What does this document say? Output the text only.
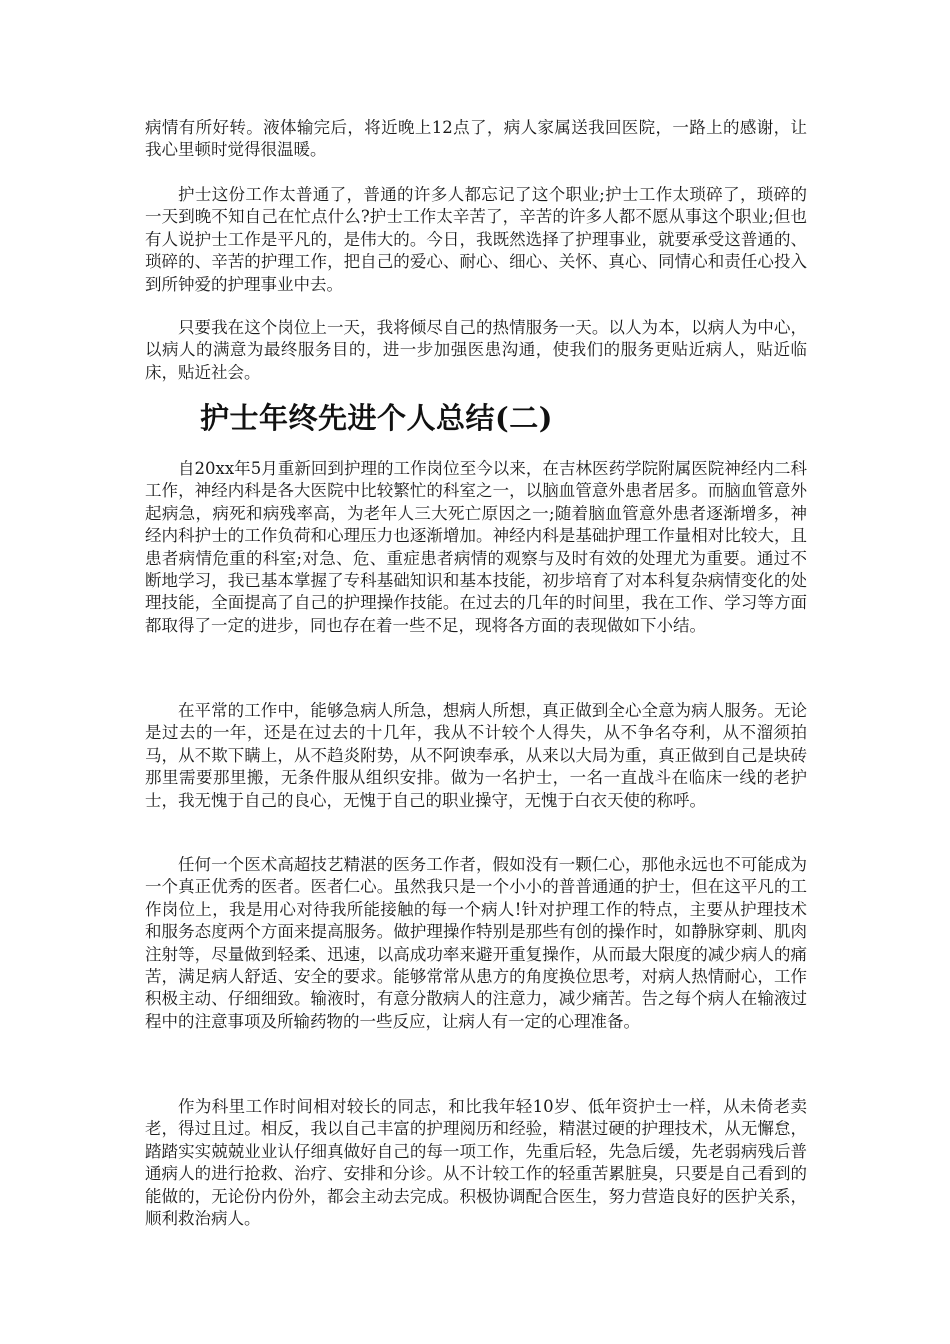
病情有所好转。液体输完后，将近晚上12点了，病人家属送我回医院，一路上的感谢，让我心里顿时觉得很温暖。

护士这份工作太普通了，普通的许多人都忘记了这个职业;护士工作太琐碎了，琐碎的一天到晚不知自己在忙点什么?护士工作太辛苦了，辛苦的许多人都不愿从事这个职业;但也有人说护士工作是平凡的，是伟大的。今日，我既然选择了护理事业，就要承受这普通的、琐碎的、辛苦的护理工作，把自己的爱心、耐心、细心、关怀、真心、同情心和责任心投入到所钟爱的护理事业中去。

只要我在这个岗位上一天，我将倾尽自己的热情服务一天。以人为本，以病人为中心，以病人的满意为最终服务目的，进一步加强医患沟通，使我们的服务更贴近病人，贴近临床，贴近社会。

护士年终先进个人总结(二)

自20xx年5月重新回到护理的工作岗位至今以来，在吉林医药学院附属医院神经内二科工作，神经内科是各大医院中比较繁忙的科室之一，以脑血管意外患者居多。而脑血管意外起病急，病死和病残率高，为老年人三大死亡原因之一;随着脑血管意外患者逐渐增多，神经内科护士的工作负荷和心理压力也逐渐增加。神经内科是基础护理工作量相对比较大，且患者病情危重的科室;对急、危、重症患者病情的观察与及时有效的处理尤为重要。通过不断地学习，我已基本掌握了专科基础知识和基本技能，初步培育了对本科复杂病情变化的处理技能，全面提高了自己的护理操作技能。在过去的几年的时间里，我在工作、学习等方面都取得了一定的进步，同也存在着一些不足，现将各方面的表现做如下小结。

在平常的工作中，能够急病人所急，想病人所想，真正做到全心全意为病人服务。无论是过去的一年，还是在过去的十几年，我从不计较个人得失，从不争名夺利，从不溜须拍马，从不欺下瞒上，从不趋炎附势，从不阿谀奉承，从来以大局为重，真正做到自己是块砖那里需要那里搬，无条件服从组织安排。做为一名护士，一名一直战斗在临床一线的老护士，我无愧于自己的良心，无愧于自己的职业操守，无愧于白衣天使的称呼。

任何一个医术高超技艺精湛的医务工作者，假如没有一颗仁心，那他永远也不可能成为一个真正优秀的医者。医者仁心。虽然我只是一个小小的普普通通的护士，但在这平凡的工作岗位上，我是用心对待我所能接触的每一个病人!针对护理工作的特点，主要从护理技术和服务态度两个方面来提高服务。做护理操作特别是那些有创的操作时，如静脉穿刺、肌肉注射等，尽量做到轻柔、迅速，以高成功率来避开重复操作，从而最大限度的减少病人的痛苦，满足病人舒适、安全的要求。能够常常从患方的角度换位思考，对病人热情耐心，工作积极主动、仔细细致。输液时，有意分散病人的注意力，减少痛苦。告之每个病人在输液过程中的注意事项及所输药物的一些反应，让病人有一定的心理准备。

作为科里工作时间相对较长的同志，和比我年轻10岁、低年资护士一样，从未倚老卖老，得过且过。相反，我以自己丰富的护理阅历和经验，精湛过硬的护理技术，从无懈怠，踏踏实实兢兢业业认仔细真做好自己的每一项工作，先重后轻，先急后缓，先老弱病残后普通病人的进行抢救、治疗、安排和分诊。从不计较工作的轻重苦累脏臭，只要是自己看到的能做的，无论份内份外，都会主动去完成。积极协调配合医生，努力营造良好的医护关系，顺利救治病人。
